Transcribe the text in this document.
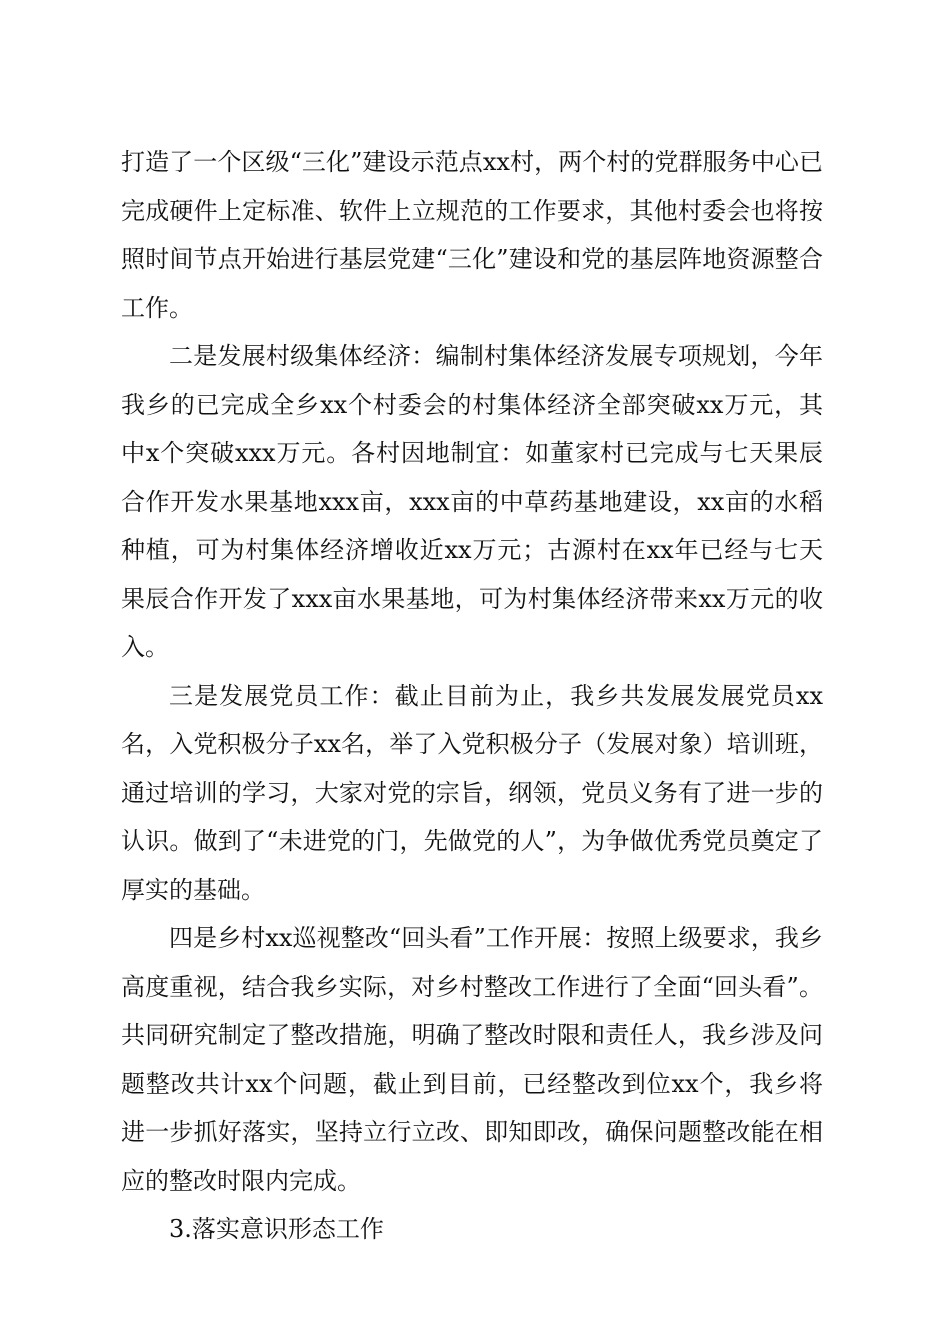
打造了一个区级“三化”建设示范点xx村，两个村的党群服务中心已完成硬件上定标准、软件上立规范的工作要求，其他村委会也将按照时间节点开始进行基层党建“三化”建设和党的基层阵地资源整合工作。

二是发展村级集体经济：编制村集体经济发展专项规划，今年我乡的已完成全乡xx个村委会的村集体经济全部突破xx万元，其中x个突破xxx万元。各村因地制宜：如董家村已完成与七天果辰合作开发水果基地xxx亩，xxx亩的中草药基地建设，xx亩的水稻种植，可为村集体经济增收近xx万元；古源村在xx年已经与七天果辰合作开发了xxx亩水果基地，可为村集体经济带来xx万元的收入。

三是发展党员工作：截止目前为止，我乡共发展发展党员xx名，入党积极分子xx名，举了入党积极分子（发展对象）培训班，通过培训的学习，大家对党的宗旨，纲领，党员义务有了进一步的认识。做到了“未进党的门，先做党的人”，为争做优秀党员奠定了厚实的基础。

四是乡村xx巡视整改“回头看”工作开展：按照上级要求，我乡高度重视，结合我乡实际，对乡村整改工作进行了全面“回头看”。共同研究制定了整改措施，明确了整改时限和责任人，我乡涉及问题整改共计xx个问题，截止到目前，已经整改到位xx个，我乡将进一步抓好落实，坚持立行立改、即知即改，确保问题整改能在相应的整改时限内完成。

3.落实意识形态工作
